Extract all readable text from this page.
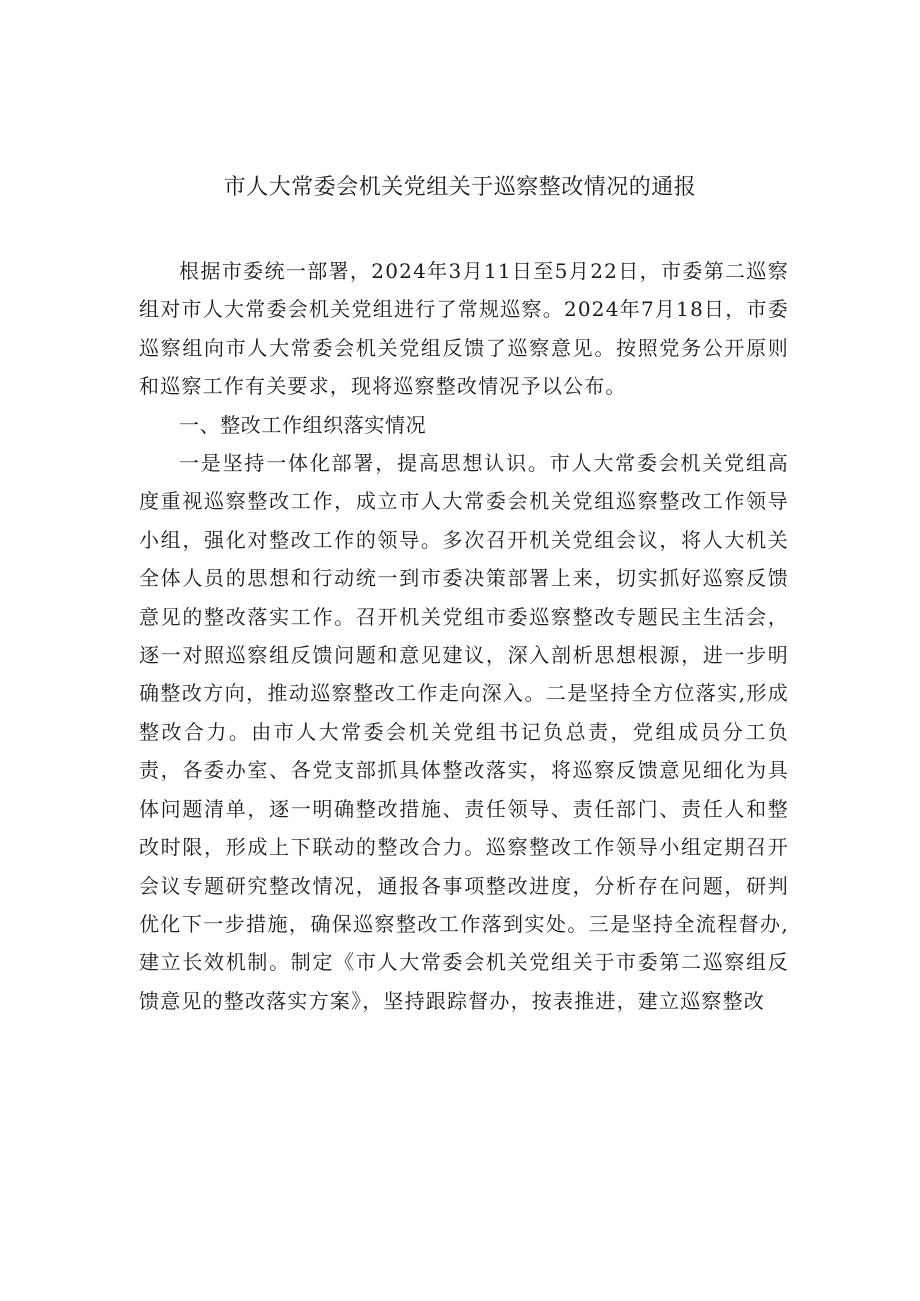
市人大常委会机关党组关于巡察整改情况的通报

根据市委统一部署，2024年3月11日至5月22日，市委第二巡察组对市人大常委会机关党组进行了常规巡察。2024年7月18日，市委巡察组向市人大常委会机关党组反馈了巡察意见。按照党务公开原则和巡察工作有关要求，现将巡察整改情况予以公布。

一、整改工作组织落实情况

一是坚持一体化部署，提高思想认识。市人大常委会机关党组高度重视巡察整改工作，成立市人大常委会机关党组巡察整改工作领导小组，强化对整改工作的领导。多次召开机关党组会议，将人大机关全体人员的思想和行动统一到市委决策部署上来，切实抓好巡察反馈意见的整改落实工作。召开机关党组市委巡察整改专题民主生活会，逐一对照巡察组反馈问题和意见建议，深入剖析思想根源，进一步明确整改方向，推动巡察整改工作走向深入。二是坚持全方位落实,形成整改合力。由市人大常委会机关党组书记负总责，党组成员分工负责，各委办室、各党支部抓具体整改落实，将巡察反馈意见细化为具体问题清单，逐一明确整改措施、责任领导、责任部门、责任人和整改时限，形成上下联动的整改合力。巡察整改工作领导小组定期召开会议专题研究整改情况，通报各事项整改进度，分析存在问题，研判优化下一步措施，确保巡察整改工作落到实处。三是坚持全流程督办,建立长效机制。制定《市人大常委会机关党组关于市委第二巡察组反馈意见的整改落实方案》，坚持跟踪督办，按表推进，建立巡察整改
